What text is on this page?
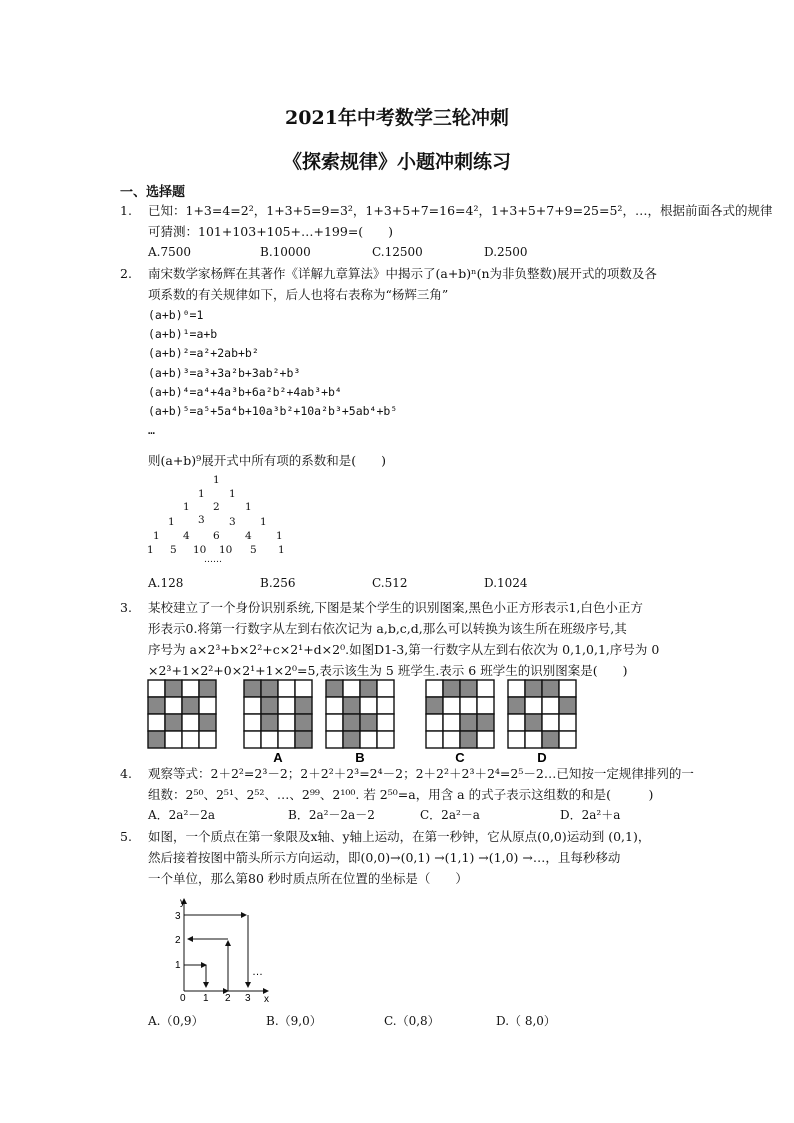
2021年中考数学三轮冲刺
《探索规律》小题冲刺练习
一、选择题
1. 已知：1+3=4=2²，1+3+5=9=3²，1+3+5+7=16=4²，1+3+5+7+9=25=5²，…，根据前面各式的规律
可猜测：101+103+105+…+199=(　　)
A.7500	B.10000	C.12500	D.2500
2. 南宋数学家杨辉在其著作《详解九章算法》中揭示了(a+b)ⁿ(n为非负整数)展开式的项数及各
项系数的有关规律如下，后人也将右表称为“杨辉三角”
(a+b)⁰=1
(a+b)¹=a+b
(a+b)²=a²+2ab+b²
(a+b)³=a³+3a²b+3ab²+b³
(a+b)⁴=a⁴+4a³b+6a²b²+4ab³+b⁴
(a+b)⁵=a⁵+5a⁴b+10a³b²+10a²b³+5ab⁴+b⁵
…
则(a+b)⁹展开式中所有项的系数和是(　　)
1
1 1
1 2 1
1 3 3 1
1 4 6 4 1
1 5 10 10 5 1
……
A.128	B.256	C.512	D.1024
3. 某校建立了一个身份识别系统,下图是某个学生的识别图案,黑色小正方形表示1,白色小正方
形表示0.将第一行数字从左到右依次记为 a,b,c,d,那么可以转换为该生所在班级序号,其
序号为 a×2³+b×2²+c×2¹+d×2⁰.如图D1-3,第一行数字从左到右依次为 0,1,0,1,序号为 0
×2³+1×2²+0×2¹+1×2⁰=5,表示该生为 5 班学生.表示 6 班学生的识别图案是(　　)
A	B	C	D
4. 观察等式：2＋2²=2³－2；2＋2²＋2³=2⁴－2；2＋2²＋2³＋2⁴=2⁵－2…已知按一定规律排列的一
组数：2⁵⁰、2⁵¹、2⁵²、…、2⁹⁹、2¹⁰⁰. 若 2⁵⁰=a，用含 a 的式子表示这组数的和是(　　　)
A．2a²－2a	B．2a²－2a－2	C．2a²－a	D．2a²＋a
5. 如图，一个质点在第一象限及x轴、y轴上运动，在第一秒钟，它从原点(0,0)运动到 (0,1)，
然后接着按图中箭头所示方向运动，即(0,0)→(0,1) →(1,1) →(1,0) →…，且每秒移动
一个单位，那么第80 秒时质点所在位置的坐标是（　　）
y
x
0 1 2 3
1
2
3
…
A.（0,9）	B.（9,0）	C.（0,8）	D.（ 8,0）
